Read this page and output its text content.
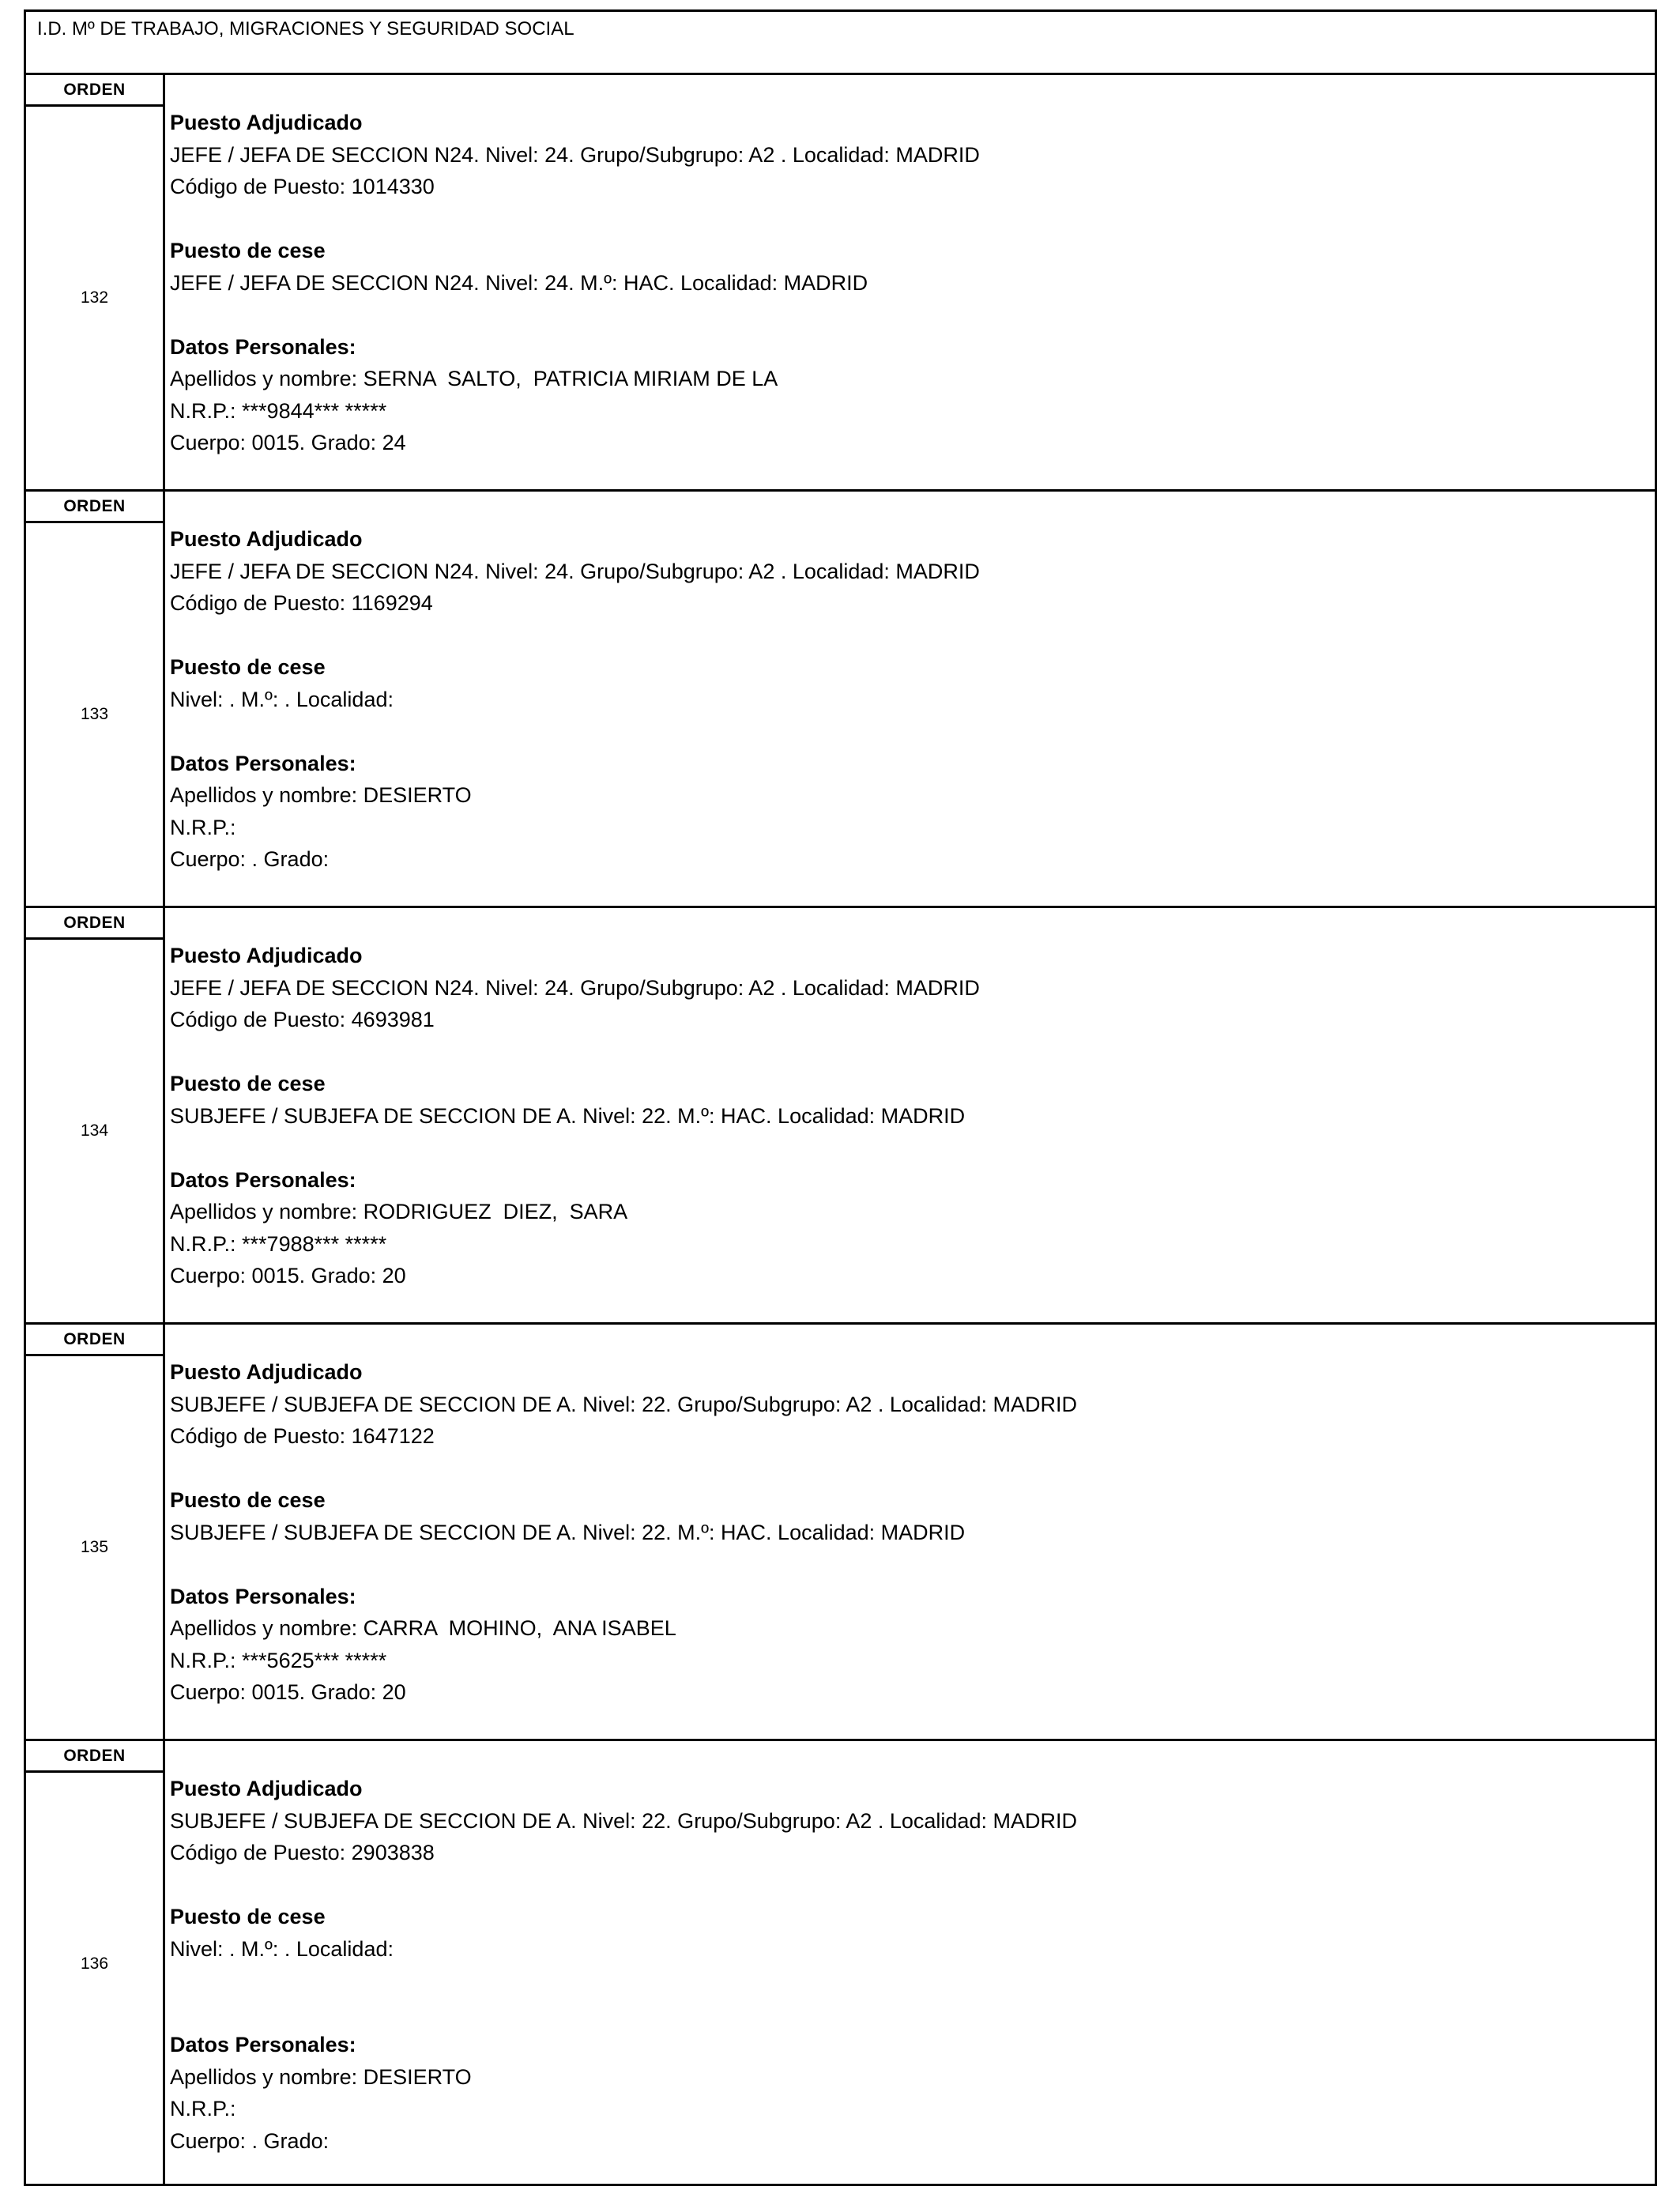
I.D. Mº DE TRABAJO, MIGRACIONES Y SEGURIDAD SOCIAL
ORDEN
132
Puesto Adjudicado
JEFE / JEFA DE SECCION N24. Nivel: 24. Grupo/Subgrupo: A2 . Localidad: MADRID
Código de Puesto: 1014330
Puesto de cese
JEFE / JEFA DE SECCION N24. Nivel: 24. M.º: HAC. Localidad: MADRID
Datos Personales:
Apellidos y nombre: SERNA  SALTO,  PATRICIA MIRIAM DE LA
N.R.P.: ***9844*** *****
Cuerpo: 0015. Grado: 24
ORDEN
133
Puesto Adjudicado
JEFE / JEFA DE SECCION N24. Nivel: 24. Grupo/Subgrupo: A2 . Localidad: MADRID
Código de Puesto: 1169294
Puesto de cese
Nivel: . M.º: . Localidad:
Datos Personales:
Apellidos y nombre: DESIERTO
N.R.P.:
Cuerpo: . Grado:
ORDEN
134
Puesto Adjudicado
JEFE / JEFA DE SECCION N24. Nivel: 24. Grupo/Subgrupo: A2 . Localidad: MADRID
Código de Puesto: 4693981
Puesto de cese
SUBJEFE / SUBJEFA DE SECCION DE A. Nivel: 22. M.º: HAC. Localidad: MADRID
Datos Personales:
Apellidos y nombre: RODRIGUEZ  DIEZ,  SARA
N.R.P.: ***7988*** *****
Cuerpo: 0015. Grado: 20
ORDEN
135
Puesto Adjudicado
SUBJEFE / SUBJEFA DE SECCION DE A. Nivel: 22. Grupo/Subgrupo: A2 . Localidad: MADRID
Código de Puesto: 1647122
Puesto de cese
SUBJEFE / SUBJEFA DE SECCION DE A. Nivel: 22. M.º: HAC. Localidad: MADRID
Datos Personales:
Apellidos y nombre: CARRA  MOHINO,  ANA ISABEL
N.R.P.: ***5625*** *****
Cuerpo: 0015. Grado: 20
ORDEN
136
Puesto Adjudicado
SUBJEFE / SUBJEFA DE SECCION DE A. Nivel: 22. Grupo/Subgrupo: A2 . Localidad: MADRID
Código de Puesto: 2903838
Puesto de cese
Nivel: . M.º: . Localidad:
Datos Personales:
Apellidos y nombre: DESIERTO
N.R.P.:
Cuerpo: . Grado:
